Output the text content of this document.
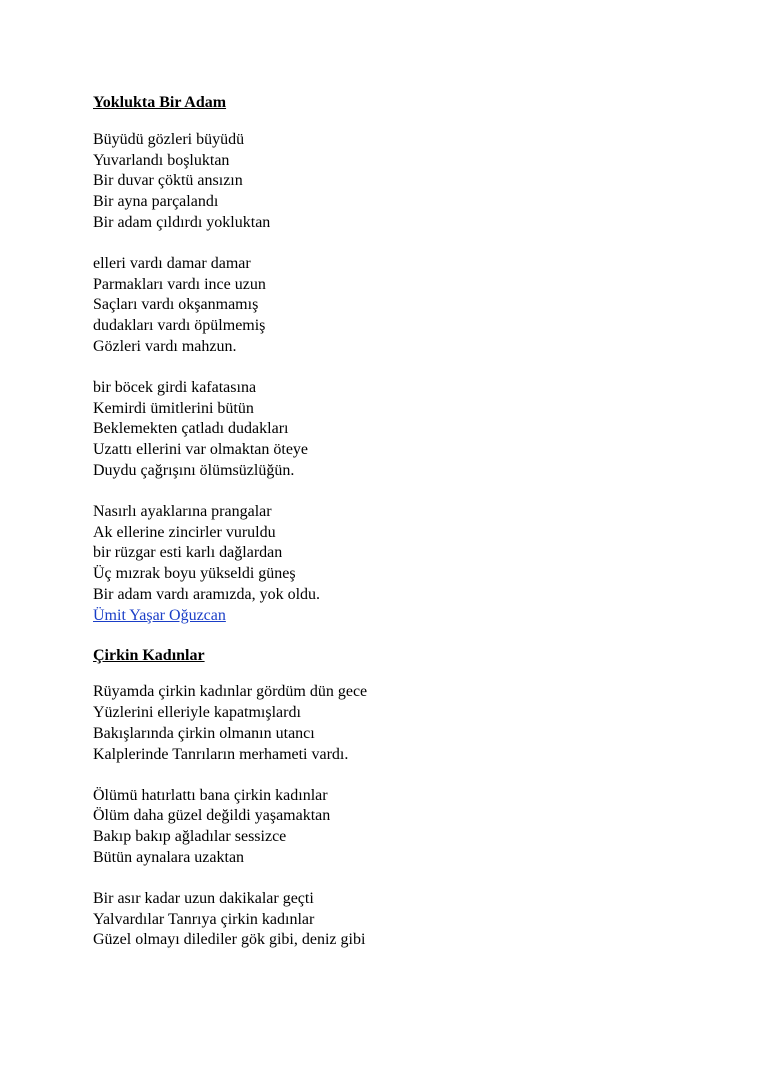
Yoklukta Bir Adam
Büyüdü gözleri büyüdü
Yuvarlandı boşluktan
Bir duvar çöktü ansızın
Bir ayna parçalandı
Bir adam çıldırdı yokluktan
elleri vardı damar damar
Parmakları vardı ince uzun
Saçları vardı okşanmamış
dudakları vardı öpülmemiş
Gözleri vardı mahzun.
bir böcek girdi kafatasına
Kemirdi ümitlerini bütün
Beklemekten çatladı dudakları
Uzattı ellerini var olmaktan öteye
Duydu çağrışını ölümsüzlüğün.
Nasırlı ayaklarına prangalar
Ak ellerine zincirler vuruldu
bir rüzgar esti karlı dağlardan
Üç mızrak boyu yükseldi güneş
Bir adam vardı aramızda, yok oldu.
Ümit Yaşar Oğuzcan
Çirkin Kadınlar
Rüyamda çirkin kadınlar gördüm dün gece
Yüzlerini elleriyle kapatmışlardı
Bakışlarında çirkin olmanın utancı
Kalplerinde Tanrıların merhameti vardı.
Ölümü hatırlattı bana çirkin kadınlar
Ölüm daha güzel değildi yaşamaktan
Bakıp bakıp ağladılar sessizce
Bütün aynalara uzaktan
Bir asır kadar uzun dakikalar geçti
Yalvardılar Tanrıya çirkin kadınlar
Güzel olmayı dilediler gök gibi, deniz gibi
